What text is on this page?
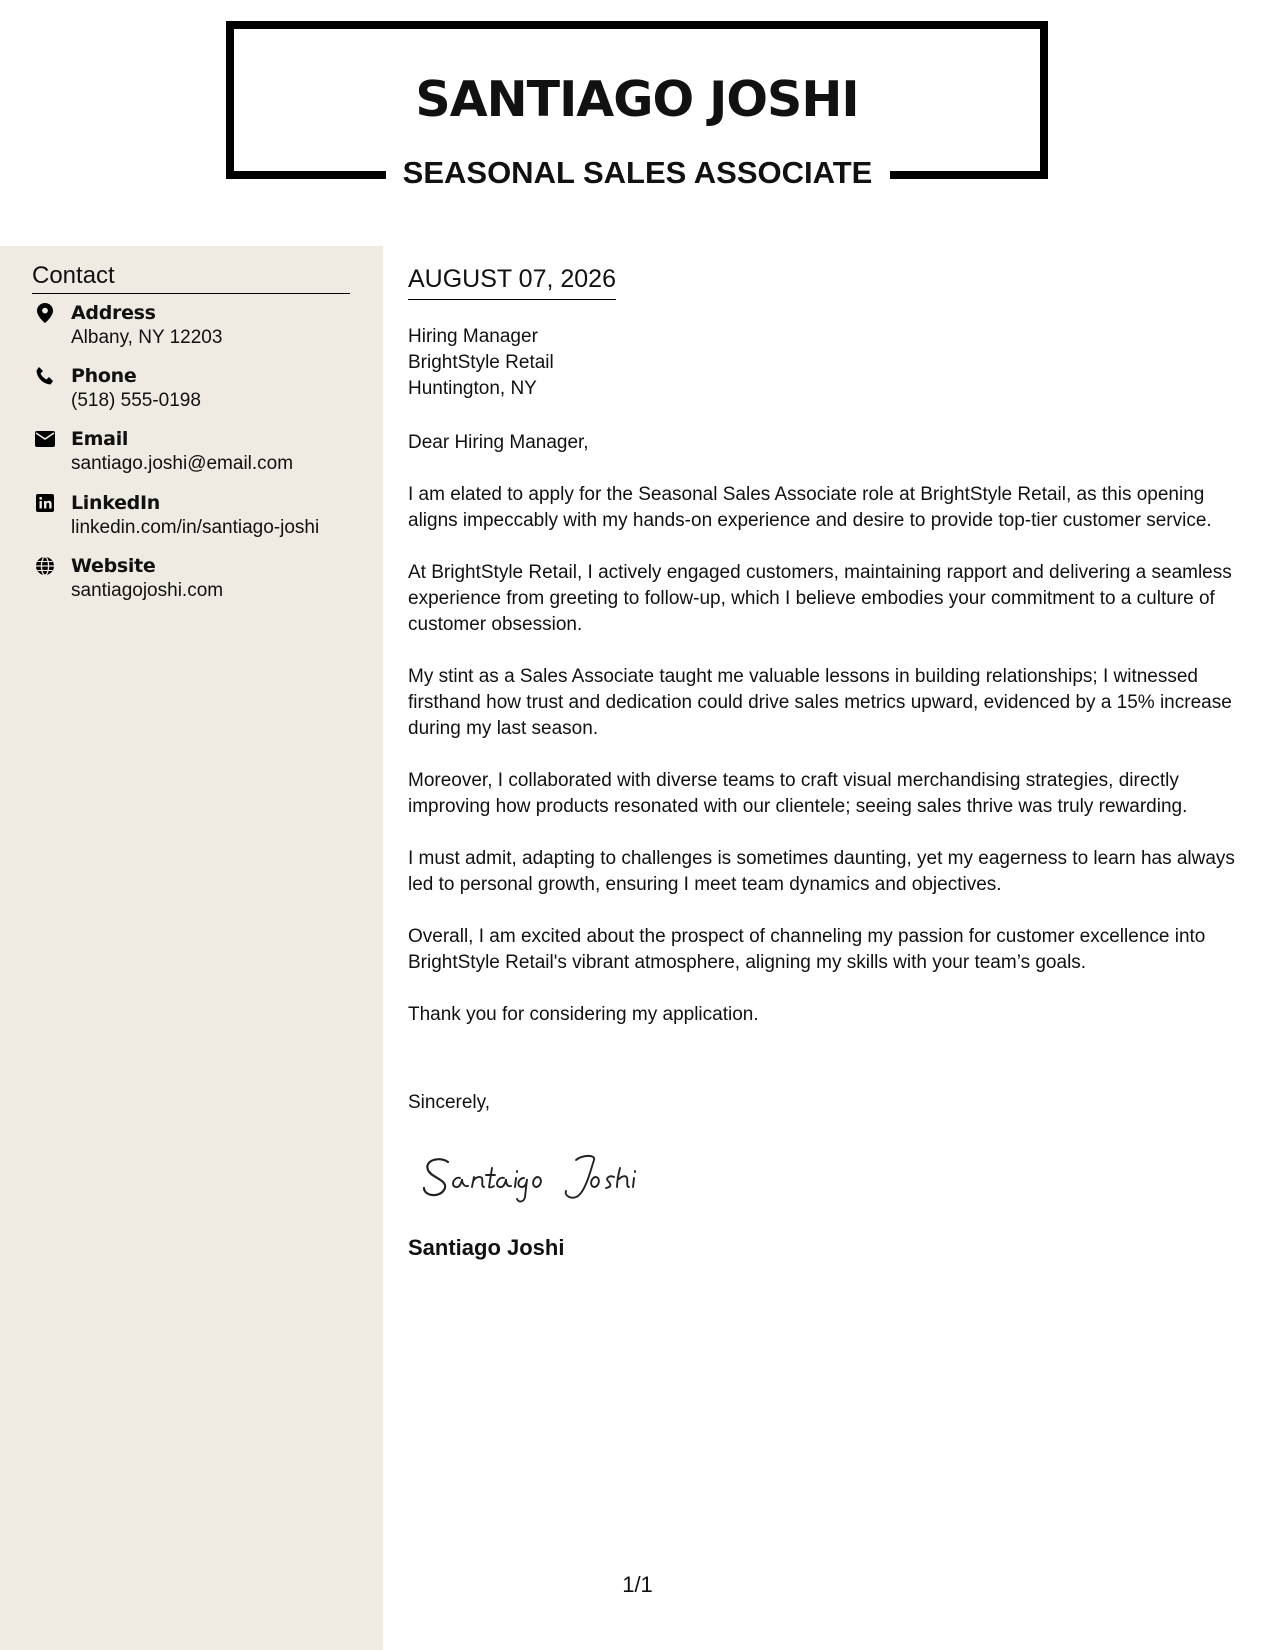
SANTIAGO JOSHI
SEASONAL SALES ASSOCIATE
Contact
Address
Albany, NY 12203
Phone
(518) 555-0198
Email
santiago.joshi@email.com
LinkedIn
linkedin.com/in/santiago-joshi
Website
santiagojoshi.com
AUGUST 07, 2026
Hiring Manager
BrightStyle Retail
Huntington, NY

Dear Hiring Manager,

I am elated to apply for the Seasonal Sales Associate role at BrightStyle Retail, as this opening aligns impeccably with my hands-on experience and desire to provide top-tier customer service.

At BrightStyle Retail, I actively engaged customers, maintaining rapport and delivering a seamless experience from greeting to follow-up, which I believe embodies your commitment to a culture of customer obsession.

My stint as a Sales Associate taught me valuable lessons in building relationships; I witnessed firsthand how trust and dedication could drive sales metrics upward, evidenced by a 15% increase during my last season.

Moreover, I collaborated with diverse teams to craft visual merchandising strategies, directly improving how products resonated with our clientele; seeing sales thrive was truly rewarding.

I must admit, adapting to challenges is sometimes daunting, yet my eagerness to learn has always led to personal growth, ensuring I meet team dynamics and objectives.

Overall, I am excited about the prospect of channeling my passion for customer excellence into BrightStyle Retail's vibrant atmosphere, aligning my skills with your team’s goals.

Thank you for considering my application.

Sincerely,
Santiago Joshi
1/1
